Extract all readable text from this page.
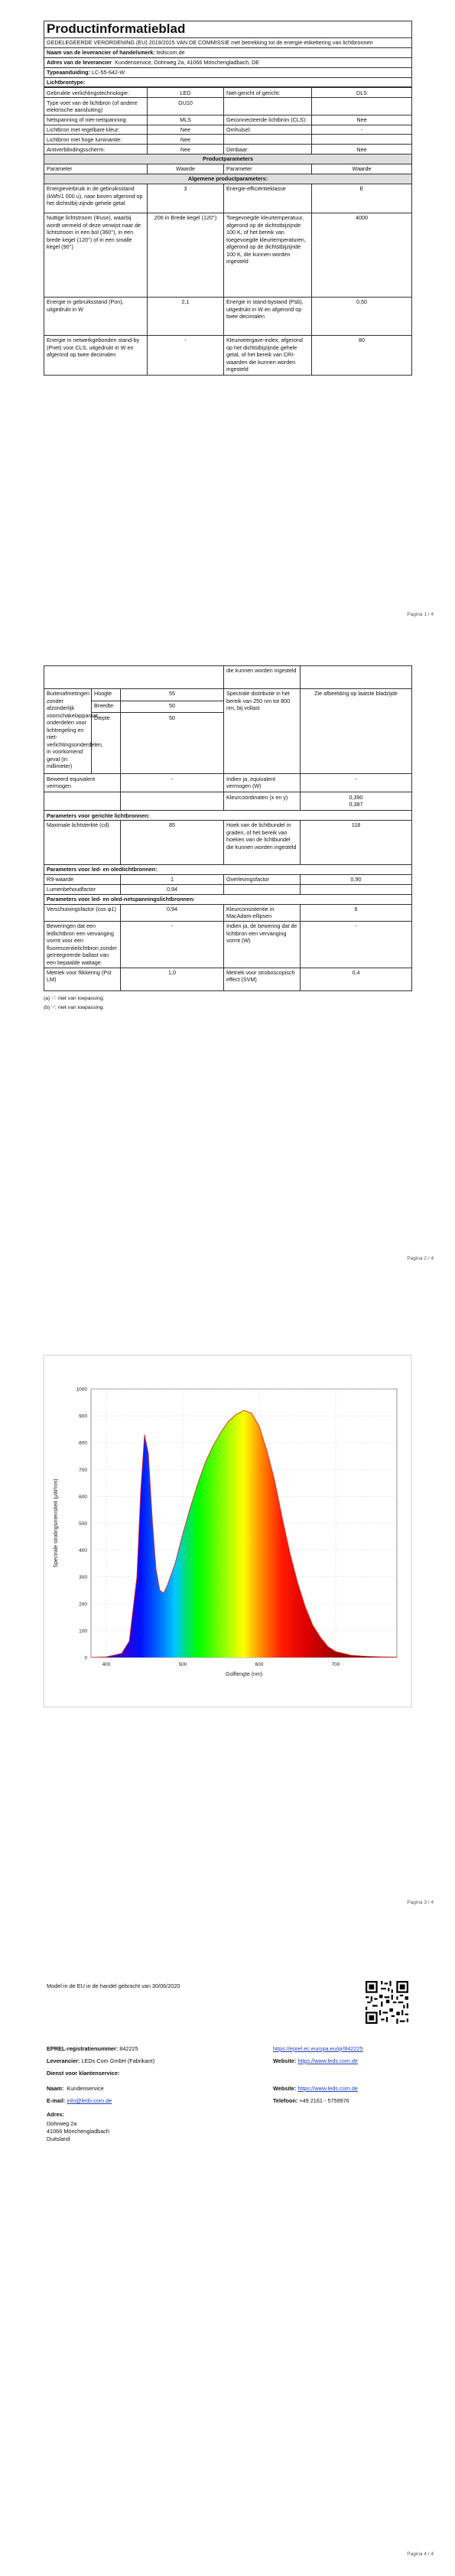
Productinformatieblad
GEDELEGEERDE VERORDENING (EU) 2019/2015 VAN DE COMMISSIE met betrekking tot de energie-etikettering van lichtbronnen
Naam van de leverancier of handelsmerk: ledscom.de
Adres van de leverancier Kundenservice, Dohrweg 2a, 41066 Mönchengladbach, DE
Typeaanduiding: LC-55-642-W
Lichtbrontype:
Gebruikte verlichtingstechnologie:	LED	Niet-gericht of gericht:	DLS
Type voet van de lichtbron (of andere elektrische aansluiting)	GU10		
Netspanning of niet-netspanning:	MLS	Geconnecteerde lichtbron (CLS):	Nee
Lichtbron met regelbare kleur:	Nee	Omhulsel:	-
Lichtbron met hoge luminantie:	Nee		
Antiverblindingsscherm:	Nee	Dimbaar:	Nee
Productparameters			
Parameter	Waarde	Parameter	Waarde
Algemene productparameters:			
Energieverbruik in de gebruiksstand (kWh/1 000 u), naar boven afgerond op het dichtstbij-zijnde gehele getal	3	Energie-efficiëntieklasse	E
Nuttige lichtstroom (Φuse), waarbij wordt vermeld of deze verwijst naar de lichtstroom in een bol (360°), in een brede kegel (120°) of in een smalle kegel (90°)	206 in Brede kegel (120°)	Toegevoegde kleurtemperatuur, afgerond op de dichtstbijzijnde 100 K, of het bereik van toegevoegde kleurtemperaturen, afgerond op de dichtstbijzijnde 100 K, die kunnen worden ingesteld	4000
Energie in gebruiksstand (Pon), uitgedrukt in W	2,1	Energie in stand-bystand (Psb), uitgedrukt in W en afgerond op twee decimalen	0,50
Energie in netwerkgebonden stand-by (Pnet) voor CLS, uitgedrukt in W en afgerond op twee decimalen	-	Kleurweergave-index, afgerond op het dichtstbijzijnde gehele getal, of het bereik van CRI-waarden die kunnen worden ingesteld	80
Pagina 1 / 4
			die kunnen worden ingesteld	
Buitenafmetingen zonder afzonderlijk voorschakelapparaat, onderdelen voor lichtregeling en niet-verlichtingsonderdelen, in voorkomend geval (in millimeter)	Hoogte	55	Spectrale distributie in het bereik van 250 nm tot 800 nm, bij vollast	Zie afbeelding op laatste bladzijde
	Breedte	50		
	Diepte	50		
Beweerd equivalent vermogen		-	Indien ja, equivalent vermogen (W)	-
			Kleurcoördinaten (x en y)	0,390
0,387

Parameters voor gerichte lichtbronnen:				
Maximale lichtsterkte (cd)		85	Hoek van de lichtbundel in graden, of het bereik van hoeken van de lichtbundel die kunnen worden ingesteld	118
Parameters voor led- en oledlichtbronnen:				
R9-waarde		1	Overlevingsfactor	0,90
Lumenbehoudfactor		0,94		
Parameters voor led- en oled-netspanningslichtbronnen:				
Verschuivingsfactor (cos φ1)		0,94	Kleurconsistentie in MacAdam-ellipsen	6
Beweringen dat een ledlichtbron een vervanging vormt voor een fluorescentielichtbron zonder geïntegreerde ballast van een bepaalde wattage.		-	Indien ja, de bewering dat de lichtbron een vervanging vormt (W)	-
Metriek voor flikkering (Pst LM)		1,0	Metriek voor stroboscopisch effect (SVM)	0,4
(a) '-': niet van toepassing;
(b) '-': niet van toepassing.
Pagina 2 / 4
0
100
200
300
400
500
600
700
800
900
1000
400	500	600	700
Golflengte (nm)
Spectrale stralingsintensiteit (µW/nm)
Pagina 3 / 4
Model in de EU in de handel gebracht van 30/06/2020
EPREL-registratienummer: 842225	https://eprel.ec.europa.eu/qr/842225
Leverancier: LEDs Com GmbH (Fabrikant)	Website: https://www.leds.com.de
Dienst voor klantenservice:
Naam: Kundenservice	Website: https://www.leds.com.de
E-mail: info@leds-com.de	Telefoon: +49 2161 - 5759976
Adres:
Dohrweg 2a
41066 Mönchengladbach
Duitsland
Pagina 4 / 4
